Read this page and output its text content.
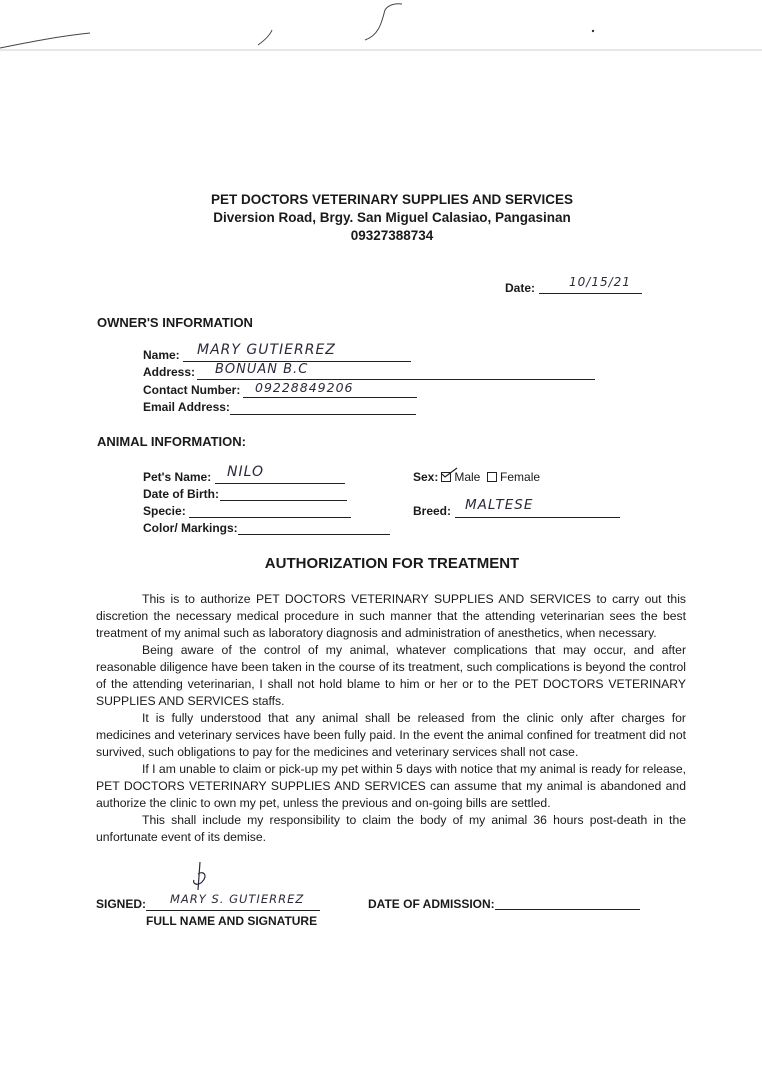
PET DOCTORS VETERINARY SUPPLIES AND SERVICES
Diversion Road, Brgy. San Miguel Calasiao, Pangasinan
09327388734
Date:	10/15/21
OWNER'S INFORMATION
Name: MARY GUTIERREZ
Address: BONUAN B.C
Contact Number: 09228849206
Email Address:
ANIMAL INFORMATION:
Pet's Name: NILO
Date of Birth:
Specie:
Color/ Markings:
Sex:	Male Female
Breed: MALTESE
AUTHORIZATION FOR TREATMENT

This is to authorize PET DOCTORS VETERINARY SUPPLIES AND SERVICES to carry out this discretion the necessary medical procedure in such manner that the attending veterinarian sees the best treatment of my animal such as laboratory diagnosis and administration of anesthetics, when necessary.

Being aware of the control of my animal, whatever complications that may occur, and after reasonable diligence have been taken in the course of its treatment, such complications is beyond the control of the attending veterinarian, I shall not hold blame to him or her or to the PET DOCTORS VETERINARY SUPPLIES AND SERVICES staffs.

It is fully understood that any animal shall be released from the clinic only after charges for medicines and veterinary services have been fully paid. In the event the animal confined for treatment did not survived, such obligations to pay for the medicines and veterinary services shall not case.

If I am unable to claim or pick-up my pet within 5 days with notice that my animal is ready for release, PET DOCTORS VETERINARY SUPPLIES AND SERVICES can assume that my animal is abandoned and authorize the clinic to own my pet, unless the previous and on-going bills are settled.

This shall include my responsibility to claim the body of my animal 36 hours post-death in the unfortunate event of its demise.

SIGNED: MARY S. GUTIERREZ
FULL NAME AND SIGNATURE
DATE OF ADMISSION:
